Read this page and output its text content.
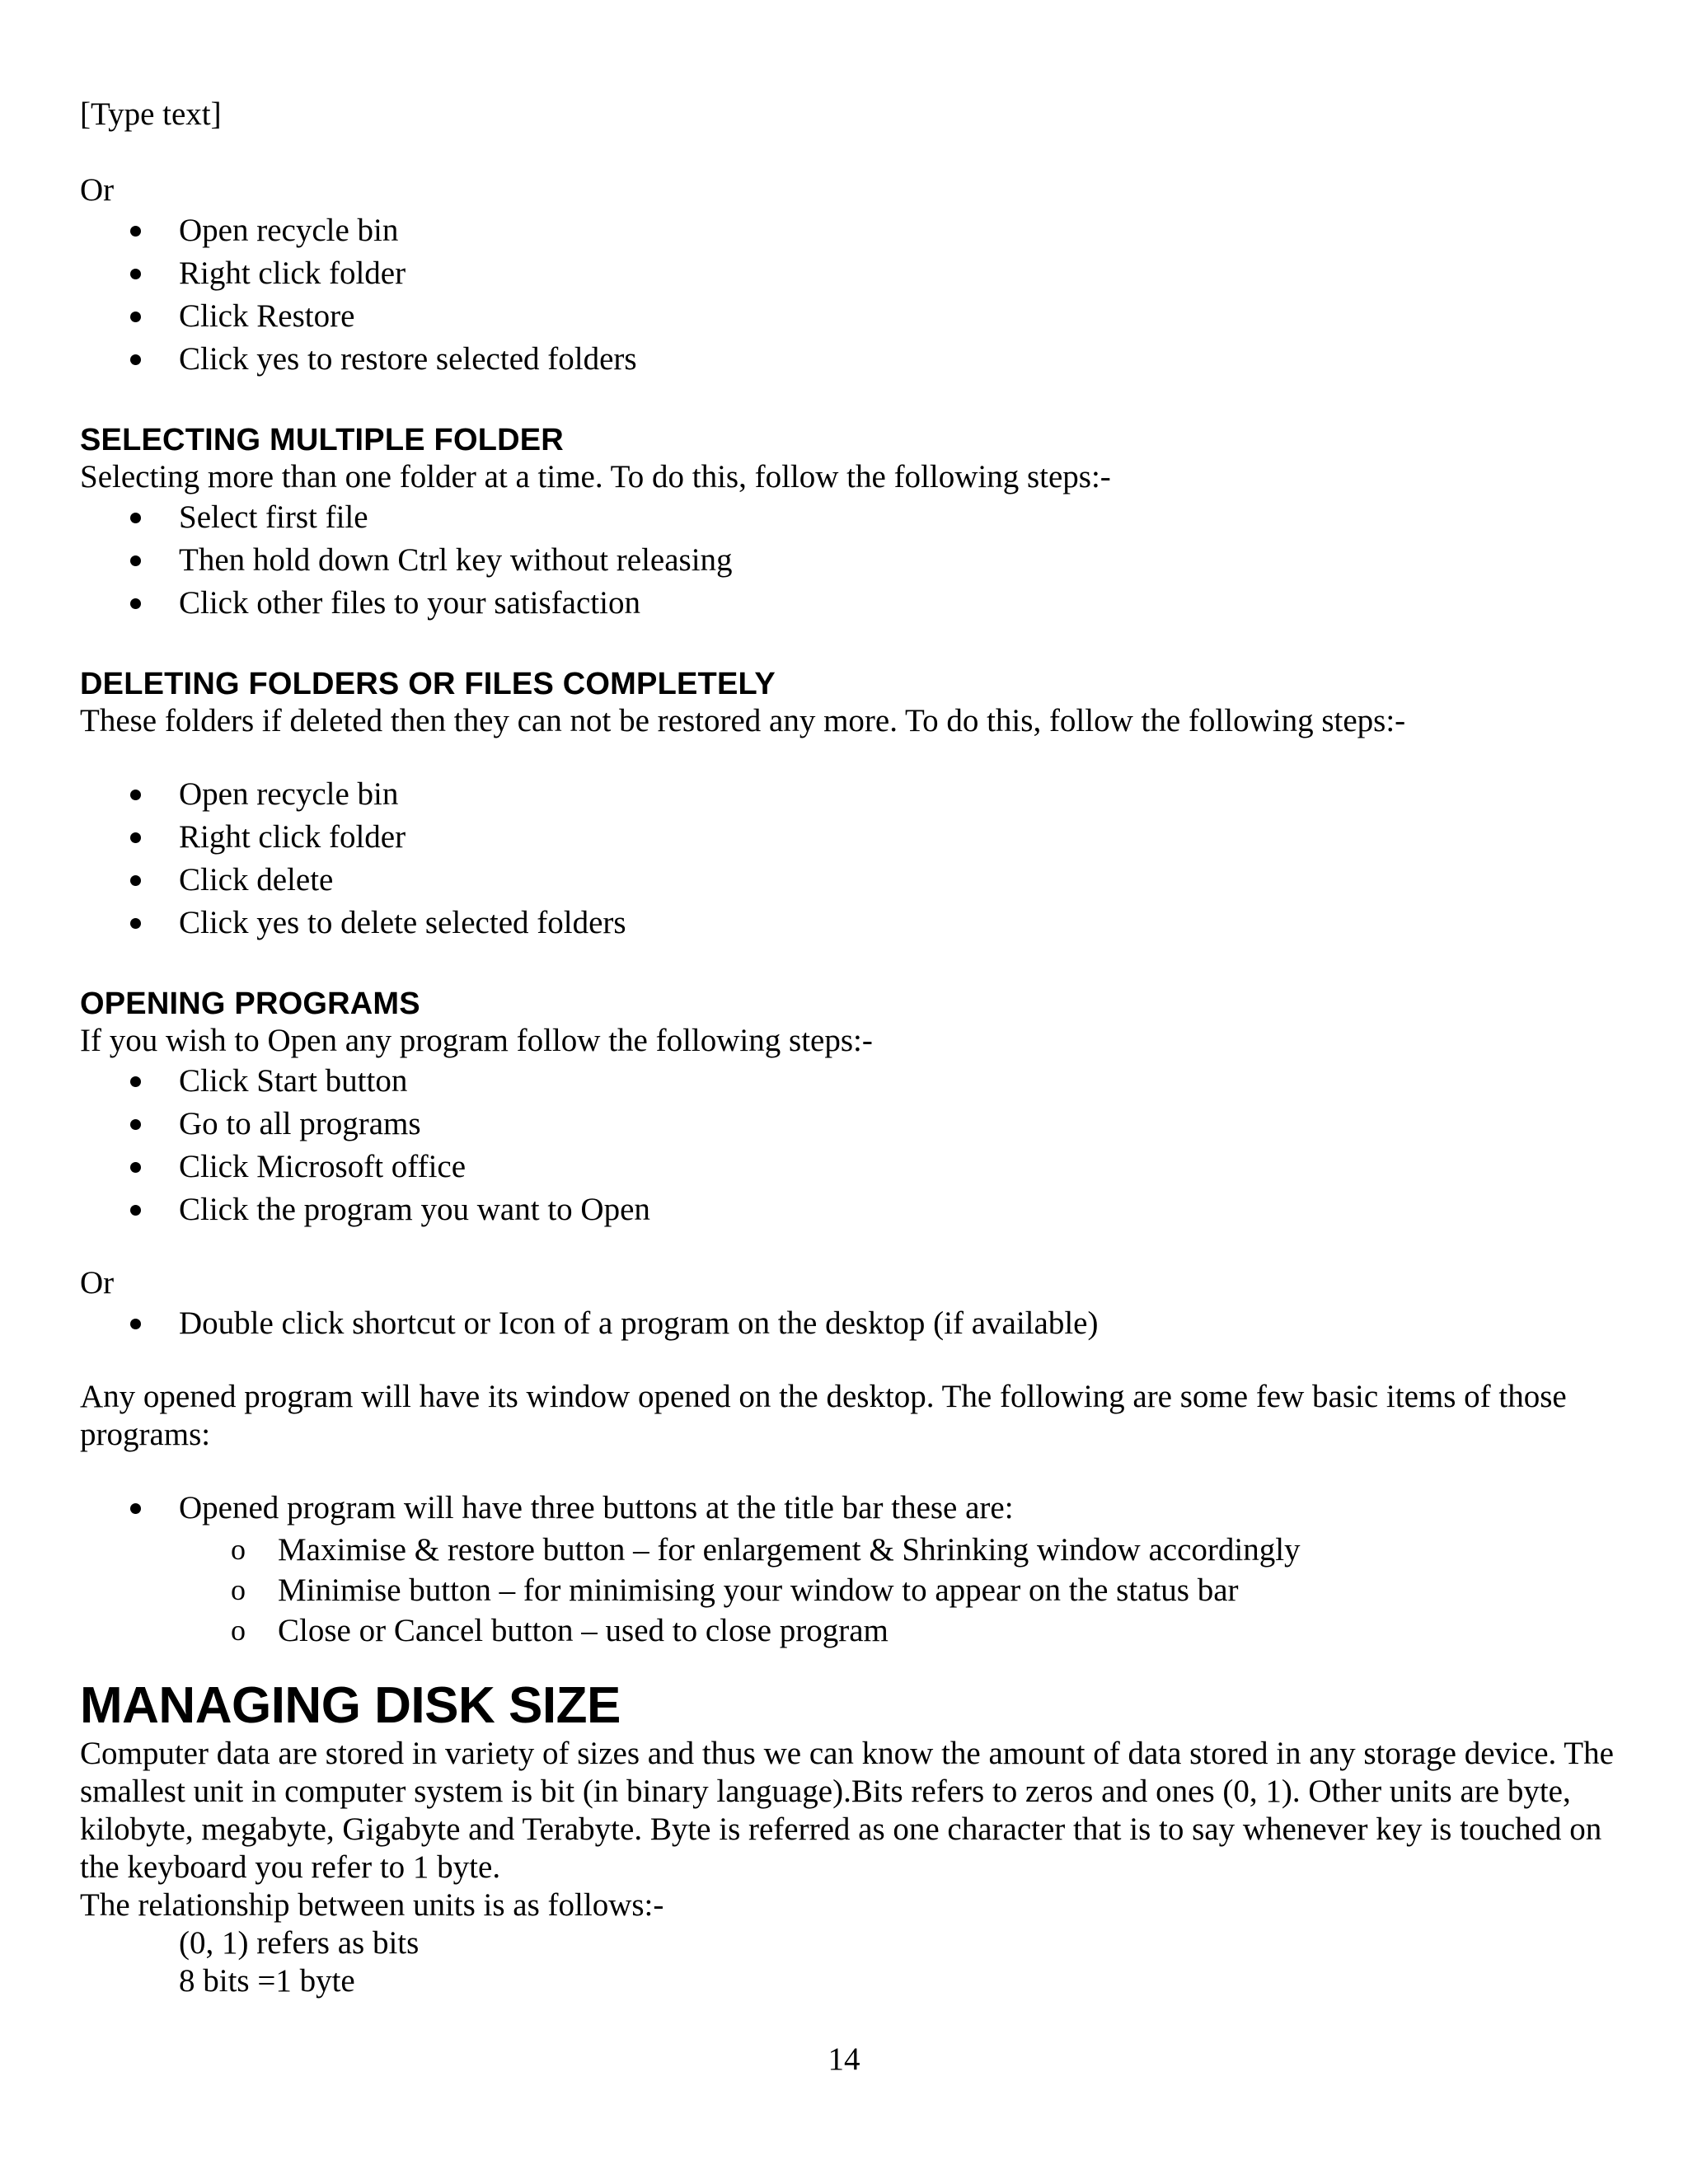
[Type text]

Or

Open recycle bin
Right click folder
Click Restore
Click yes to restore selected folders

SELECTING MULTIPLE FOLDER

Selecting more than one folder at a time. To do this, follow the following steps:-

Select first file
Then hold down Ctrl key without releasing
Click other files to your satisfaction

DELETING FOLDERS OR FILES COMPLETELY

These folders if deleted then they can not be restored any more. To do this, follow the following steps:-

Open recycle bin
Right click folder
Click delete
Click yes to delete selected folders

OPENING PROGRAMS

If you wish to Open any program follow the following steps:-

Click Start button
Go to all programs
Click Microsoft office
Click the program you want to Open

Or

Double click shortcut or Icon of a program on the desktop (if available)

Any opened program will have its window opened on the desktop. The following are some few basic items of those programs:

Opened program will have three buttons at the title bar these are:
o Maximise & restore button – for enlargement & Shrinking window accordingly
o Minimise button – for minimising your window to appear on the status bar
o Close or Cancel button – used to close program

MANAGING DISK SIZE

Computer data are stored in variety of sizes and thus we can know the amount of data stored in any storage device. The smallest unit in computer system is bit (in binary language).Bits refers to zeros and ones (0, 1). Other units are byte, kilobyte, megabyte, Gigabyte and Terabyte. Byte is referred as one character that is to say whenever key is touched on the keyboard you refer to 1 byte.

The relationship between units is as follows:-

(0, 1) refers as bits

8 bits =1 byte

14
